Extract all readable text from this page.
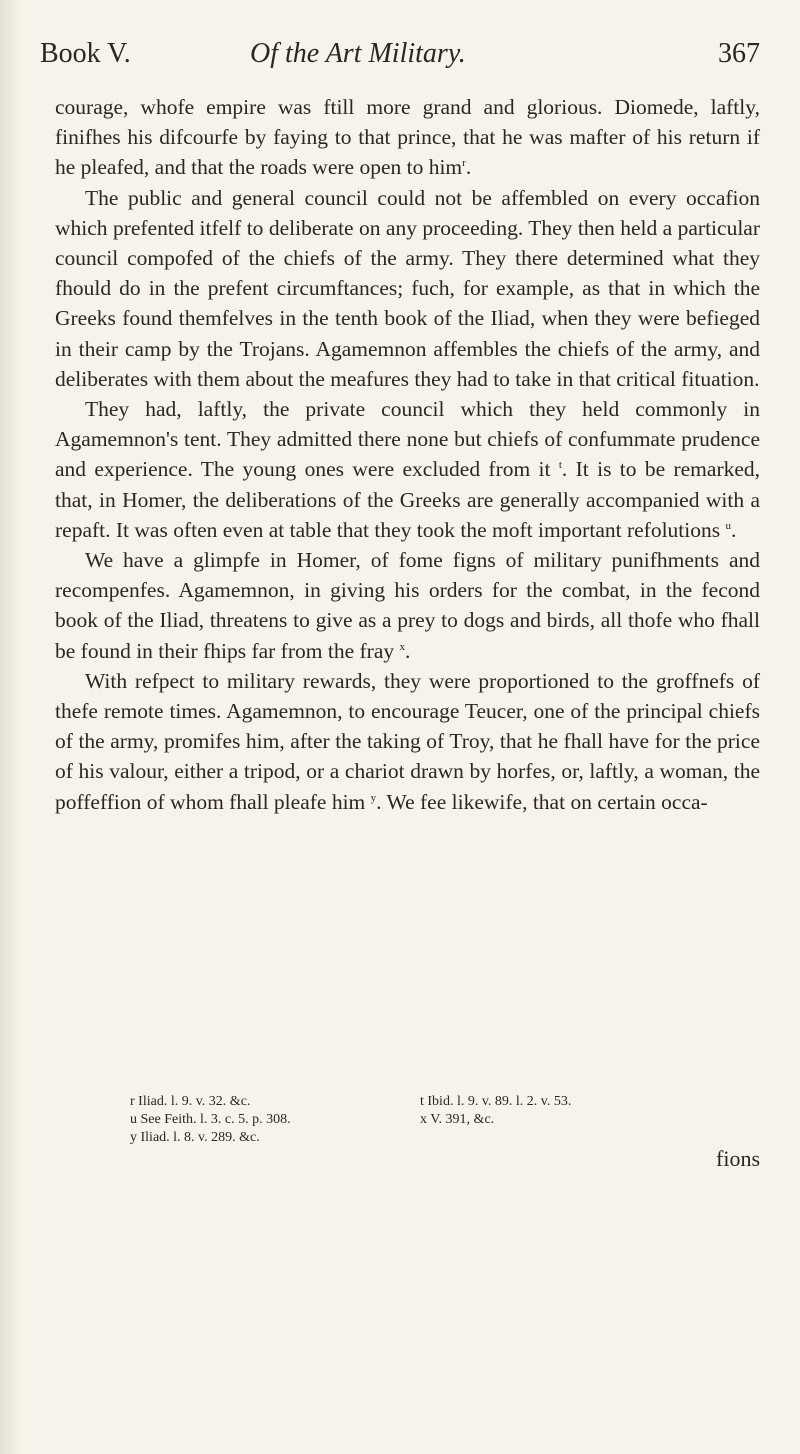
Book V.	Of the Art Military.	367

courage, whofe empire was ftill more grand and glorious. Diomede, laftly, finifhes his difcourfe by faying to that prince, that he was mafter of his return if he pleafed, and that the roads were open to him$^r$.

The public and general council could not be affembled on every occafion which prefented itfelf to deliberate on any proceeding. They then held a particular council compofed of the chiefs of the army. They there determined what they fhould do in the prefent circumftances; fuch, for example, as that in which the Greeks found themfelves in the tenth book of the Iliad, when they were befieged in their camp by the Trojans. Agamemnon affembles the chiefs of the army, and deliberates with them about the meafures they had to take in that critical fituation.

They had, laftly, the private council which they held commonly in Agamemnon's tent. They admitted there none but chiefs of confummate prudence and experience. The young ones were excluded from it $^t$. It is to be remarked, that, in Homer, the deliberations of the Greeks are generally accompanied with a repaft. It was often even at table that they took the moft important refolutions $^u$.

We have a glimpfe in Homer, of fome figns of military punifhments and recompenfes. Agamemnon, in giving his orders for the combat, in the fecond book of the Iliad, threatens to give as a prey to dogs and birds, all thofe who fhall be found in their fhips far from the fray $^x$.

With refpect to military rewards, they were proportioned to the groffnefs of thefe remote times. Agamemnon, to encourage Teucer, one of the principal chiefs of the army, promifes him, after the taking of Troy, that he fhall have for the price of his valour, either a tripod, or a chariot drawn by horfes, or, laftly, a woman, the poffeffion of whom fhall pleafe him $^y$. We fee likewife, that on certain occa-

r Iliad. l. 9. v. 32. &c.	t Ibid. l. 9. v. 89. l. 2. v. 53.
u See Feith. l. 3. c. 5. p. 308.	x V. 391, &c.
y Iliad. l. 8. v. 289. &c.
fions
